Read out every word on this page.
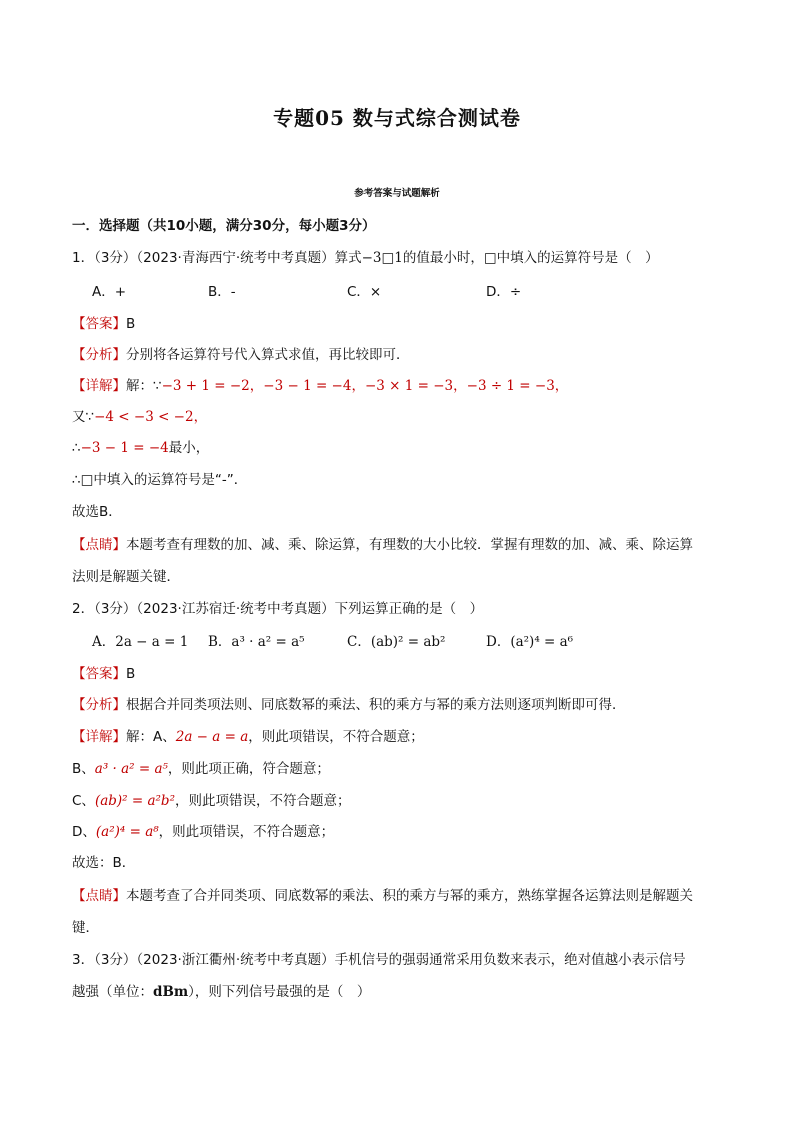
专题05 数与式综合测试卷
参考答案与试题解析
一．选择题（共10小题，满分30分，每小题3分）
1．（3分）（2023·青海西宁·统考中考真题）算式−3□1的值最小时，□中填入的运算符号是（　）
A．+	B．-	C．×	D．÷
【答案】B
【分析】分别将各运算符号代入算式求值，再比较即可．
【详解】解：∵−3 + 1 = −2，−3 − 1 = −4，−3 × 1 = −3，−3 ÷ 1 = −3，
又∵−4 < −3 < −2，
∴−3 − 1 = −4最小，
∴□中填入的运算符号是“-”．
故选B．
【点睛】本题考查有理数的加、减、乘、除运算，有理数的大小比较．掌握有理数的加、减、乘、除运算
法则是解题关键．
2．（3分）（2023·江苏宿迁·统考中考真题）下列运算正确的是（　）
A．2a − a = 1 B．a³ · a² = a⁵	C．(ab)² = ab²	D．(a²)⁴ = a⁶
【答案】B
【分析】根据合并同类项法则、同底数幂的乘法、积的乘方与幂的乘方法则逐项判断即可得．
【详解】解：A、2a − a = a，则此项错误，不符合题意；
B、a³ · a² = a⁵，则此项正确，符合题意；
C、(ab)² = a²b²，则此项错误，不符合题意；
D、(a²)⁴ = a⁸，则此项错误，不符合题意；
故选：B．
【点睛】本题考查了合并同类项、同底数幂的乘法、积的乘方与幂的乘方，熟练掌握各运算法则是解题关
键．
3．（3分）（2023·浙江衢州·统考中考真题）手机信号的强弱通常采用负数来表示，绝对值越小表示信号
越强（单位：dBm），则下列信号最强的是（　）
